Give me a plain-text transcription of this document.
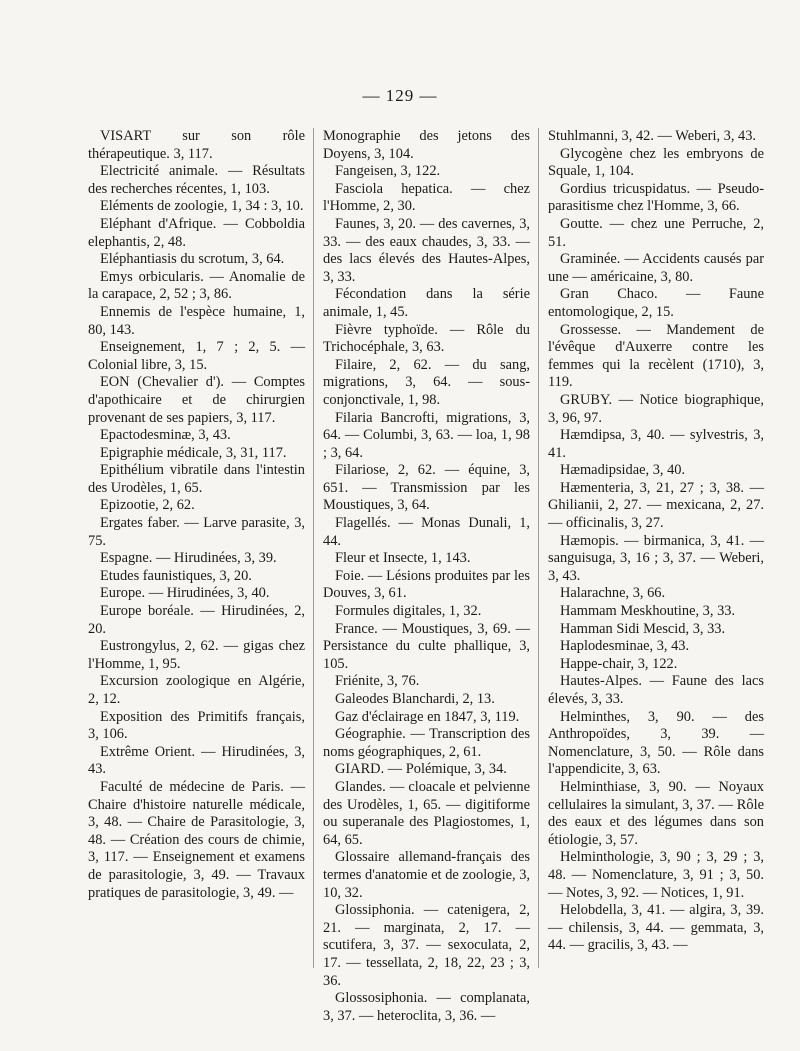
— 129 —

VISART sur son rôle thérapeutique. 3, 117.

Electricité animale. — Résultats des recherches récentes, 1, 103.

Eléments de zoologie, 1, 34 : 3, 10.

Eléphant d'Afrique. — Cobboldia elephantis, 2, 48.

Eléphantiasis du scrotum, 3, 64.

Emys orbicularis. — Anomalie de la carapace, 2, 52 ; 3, 86.

Ennemis de l'espèce humaine, 1, 80, 143.

Enseignement, 1, 7 ; 2, 5. — Colonial libre, 3, 15.

EON (Chevalier d'). — Comptes d'apothicaire et de chirurgien provenant de ses papiers, 3, 117.

Epactodesminæ, 3, 43.

Epigraphie médicale, 3, 31, 117.

Epithélium vibratile dans l'intestin des Urodèles, 1, 65.

Epizootie, 2, 62.

Ergates faber. — Larve parasite, 3, 75.

Espagne. — Hirudinées, 3, 39.

Etudes faunistiques, 3, 20.

Europe. — Hirudinées, 3, 40.

Europe boréale. — Hirudinées, 2, 20.

Eustrongylus, 2, 62. — gigas chez l'Homme, 1, 95.

Excursion zoologique en Algérie, 2, 12.

Exposition des Primitifs français, 3, 106.

Extrême Orient. — Hirudinées, 3, 43.

Faculté de médecine de Paris. — Chaire d'histoire naturelle médicale, 3, 48. — Chaire de Parasitologie, 3, 48. — Création des cours de chimie, 3, 117. — Enseignement et examens de parasitologie, 3, 49. — Travaux pratiques de parasitologie, 3, 49. —

Monographie des jetons des Doyens, 3, 104.

Fangeisen, 3, 122.

Fasciola hepatica. — chez l'Homme, 2, 30.

Faunes, 3, 20. — des cavernes, 3, 33. — des eaux chaudes, 3, 33. — des lacs élevés des Hautes-Alpes, 3, 33.

Fécondation dans la série animale, 1, 45.

Fièvre typhoïde. — Rôle du Trichocéphale, 3, 63.

Filaire, 2, 62. — du sang, migrations, 3, 64. — sous-conjonctivale, 1, 98.

Filaria Bancrofti, migrations, 3, 64. — Columbi, 3, 63. — loa, 1, 98 ; 3, 64.

Filariose, 2, 62. — équine, 3, 651. — Transmission par les Moustiques, 3, 64.

Flagellés. — Monas Dunali, 1, 44.

Fleur et Insecte, 1, 143.

Foie. — Lésions produites par les Douves, 3, 61.

Formules digitales, 1, 32.

France. — Moustiques, 3, 69. — Persistance du culte phallique, 3, 105.

Friénite, 3, 76.

Galeodes Blanchardi, 2, 13.

Gaz d'éclairage en 1847, 3, 119.

Géographie. — Transcription des noms géographiques, 2, 61.

GIARD. — Polémique, 3, 34.

Glandes. — cloacale et pelvienne des Urodèles, 1, 65. — digitiforme ou superanale des Plagiostomes, 1, 64, 65.

Glossaire allemand-français des termes d'anatomie et de zoologie, 3, 10, 32.

Glossiphonia. — catenigera, 2, 21. — marginata, 2, 17. — scutifera, 3, 37. — sexoculata, 2, 17. — tessellata, 2, 18, 22, 23 ; 3, 36.

Glossosiphonia. — complanata, 3, 37. — heteroclita, 3, 36. —

Stuhlmanni, 3, 42. — Weberi, 3, 43.

Glycogène chez les embryons de Squale, 1, 104.

Gordius tricuspidatus. — Pseudo-parasitisme chez l'Homme, 3, 66.

Goutte. — chez une Perruche, 2, 51.

Graminée. — Accidents causés par une — américaine, 3, 80.

Gran Chaco. — Faune entomologique, 2, 15.

Grossesse. — Mandement de l'évêque d'Auxerre contre les femmes qui la recèlent (1710), 3, 119.

GRUBY. — Notice biographique, 3, 96, 97.

Hæmdipsa, 3, 40. — sylvestris, 3, 41.

Hæmadipsidae, 3, 40.

Hæmenteria, 3, 21, 27 ; 3, 38. — Ghilianii, 2, 27. — mexicana, 2, 27. — officinalis, 3, 27.

Hæmopis. — birmanica, 3, 41. — sanguisuga, 3, 16 ; 3, 37. — Weberi, 3, 43.

Halarachne, 3, 66.

Hammam Meskhoutine, 3, 33.

Hamman Sidi Mescid, 3, 33.

Haplodesminae, 3, 43.

Happe-chair, 3, 122.

Hautes-Alpes. — Faune des lacs élevés, 3, 33.

Helminthes, 3, 90. — des Anthropoïdes, 3, 39. — Nomenclature, 3, 50. — Rôle dans l'appendicite, 3, 63.

Helminthiase, 3, 90. — Noyaux cellulaires la simulant, 3, 37. — Rôle des eaux et des légumes dans son étiologie, 3, 57.

Helminthologie, 3, 90 ; 3, 29 ; 3, 48. — Nomenclature, 3, 91 ; 3, 50. — Notes, 3, 92. — Notices, 1, 91.

Helobdella, 3, 41. — algira, 3, 39. — chilensis, 3, 44. — gemmata, 3, 44. — gracilis, 3, 43. —
